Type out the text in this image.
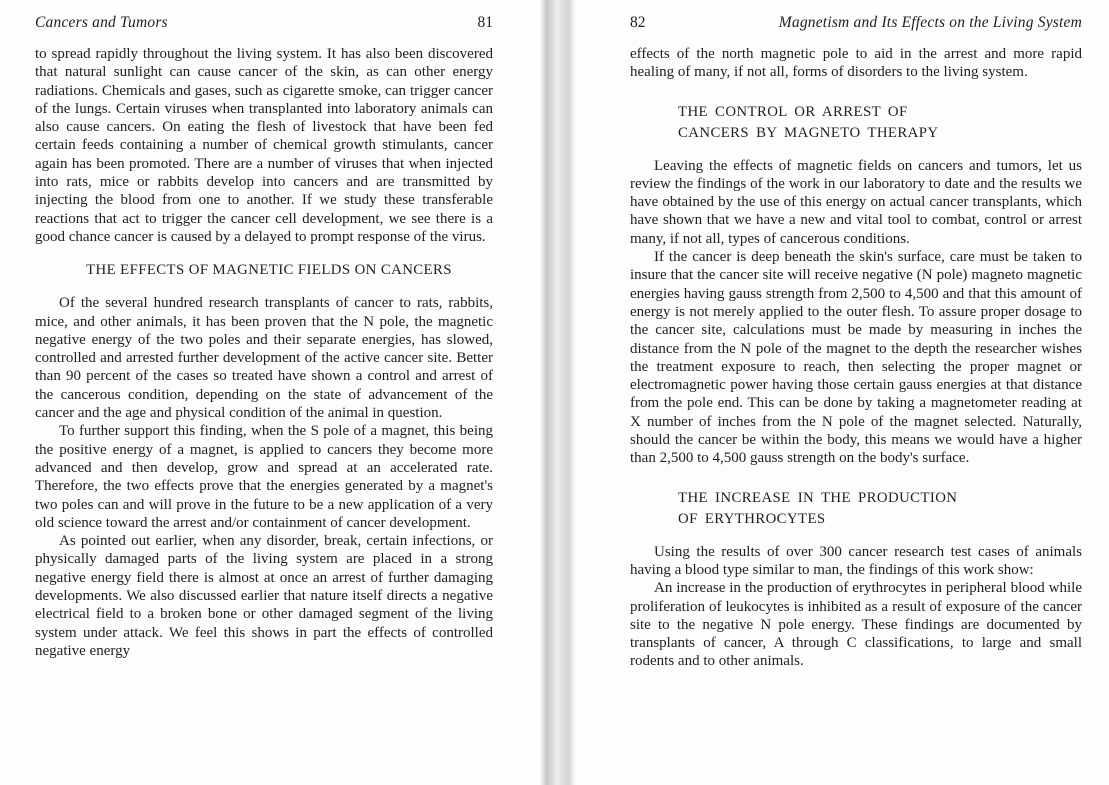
Cancers and Tumors	81

to spread rapidly throughout the living system. It has also been discovered that natural sunlight can cause cancer of the skin, as can other energy radiations. Chemicals and gases, such as cigarette smoke, can trigger cancer of the lungs. Certain viruses when transplanted into laboratory animals can also cause cancers. On eating the flesh of livestock that have been fed certain feeds containing a number of chemical growth stimulants, cancer again has been promoted. There are a number of viruses that when injected into rats, mice or rabbits develop into cancers and are transmitted by injecting the blood from one to another. If we study these transferable reactions that act to trigger the cancer cell development, we see there is a good chance cancer is caused by a delayed to prompt response of the virus.

THE EFFECTS OF MAGNETIC FIELDS ON CANCERS

Of the several hundred research transplants of cancer to rats, rabbits, mice, and other animals, it has been proven that the N pole, the magnetic negative energy of the two poles and their separate energies, has slowed, controlled and arrested further development of the active cancer site. Better than 90 percent of the cases so treated have shown a control and arrest of the cancerous condition, depending on the state of advancement of the cancer and the age and physical condition of the animal in question.

To further support this finding, when the S pole of a magnet, this being the positive energy of a magnet, is applied to cancers they become more advanced and then develop, grow and spread at an accelerated rate. Therefore, the two effects prove that the energies generated by a magnet's two poles can and will prove in the future to be a new application of a very old science toward the arrest and/or containment of cancer development.

As pointed out earlier, when any disorder, break, certain infections, or physically damaged parts of the living system are placed in a strong negative energy field there is almost at once an arrest of further damaging developments. We also discussed earlier that nature itself directs a negative electrical field to a broken bone or other damaged segment of the living system under attack. We feel this shows in part the effects of controlled negative energy

82	Magnetism and Its Effects on the Living System

effects of the north magnetic pole to aid in the arrest and more rapid healing of many, if not all, forms of disorders to the living system.

THE CONTROL OR ARREST OF
CANCERS BY MAGNETO THERAPY

Leaving the effects of magnetic fields on cancers and tumors, let us review the findings of the work in our laboratory to date and the results we have obtained by the use of this energy on actual cancer transplants, which have shown that we have a new and vital tool to combat, control or arrest many, if not all, types of cancerous conditions.

If the cancer is deep beneath the skin's surface, care must be taken to insure that the cancer site will receive negative (N pole) magneto magnetic energies having gauss strength from 2,500 to 4,500 and that this amount of energy is not merely applied to the outer flesh. To assure proper dosage to the cancer site, calculations must be made by measuring in inches the distance from the N pole of the magnet to the depth the researcher wishes the treatment exposure to reach, then selecting the proper magnet or electromagnetic power having those certain gauss energies at that distance from the pole end. This can be done by taking a magnetometer reading at X number of inches from the N pole of the magnet selected. Naturally, should the cancer be within the body, this means we would have a higher than 2,500 to 4,500 gauss strength on the body's surface.

THE INCREASE IN THE PRODUCTION
OF ERYTHROCYTES

Using the results of over 300 cancer research test cases of animals having a blood type similar to man, the findings of this work show:

An increase in the production of erythrocytes in peripheral blood while proliferation of leukocytes is inhibited as a result of exposure of the cancer site to the negative N pole energy. These findings are documented by transplants of cancer, A through C classifications, to large and small rodents and to other animals.
